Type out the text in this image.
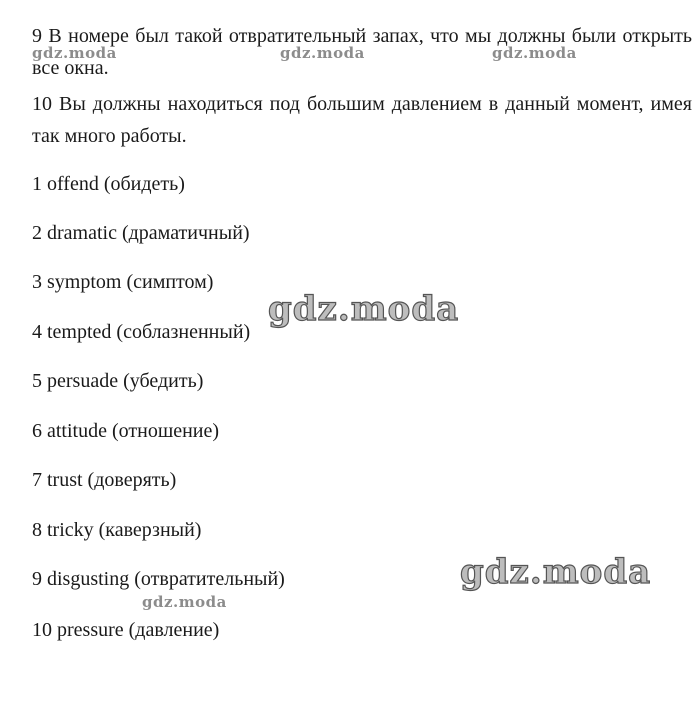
9 В номере был такой отвратительный запах, что мы должны были открыть все окна.

10 Вы должны находиться под большим давлением в данный момент, имея так много работы.

1 offend (обидеть)

2 dramatic (драматичный)

3 symptom (симптом)

4 tempted (соблазненный)

5 persuade (убедить)

6 attitude (отношение)

7 trust (доверять)

8 tricky (каверзный)

9 disgusting (отвратительный)

10 pressure (давление)

gdz.moda	gdz.moda	gdz.moda
gdz.moda
gdz.moda
gdz.moda
